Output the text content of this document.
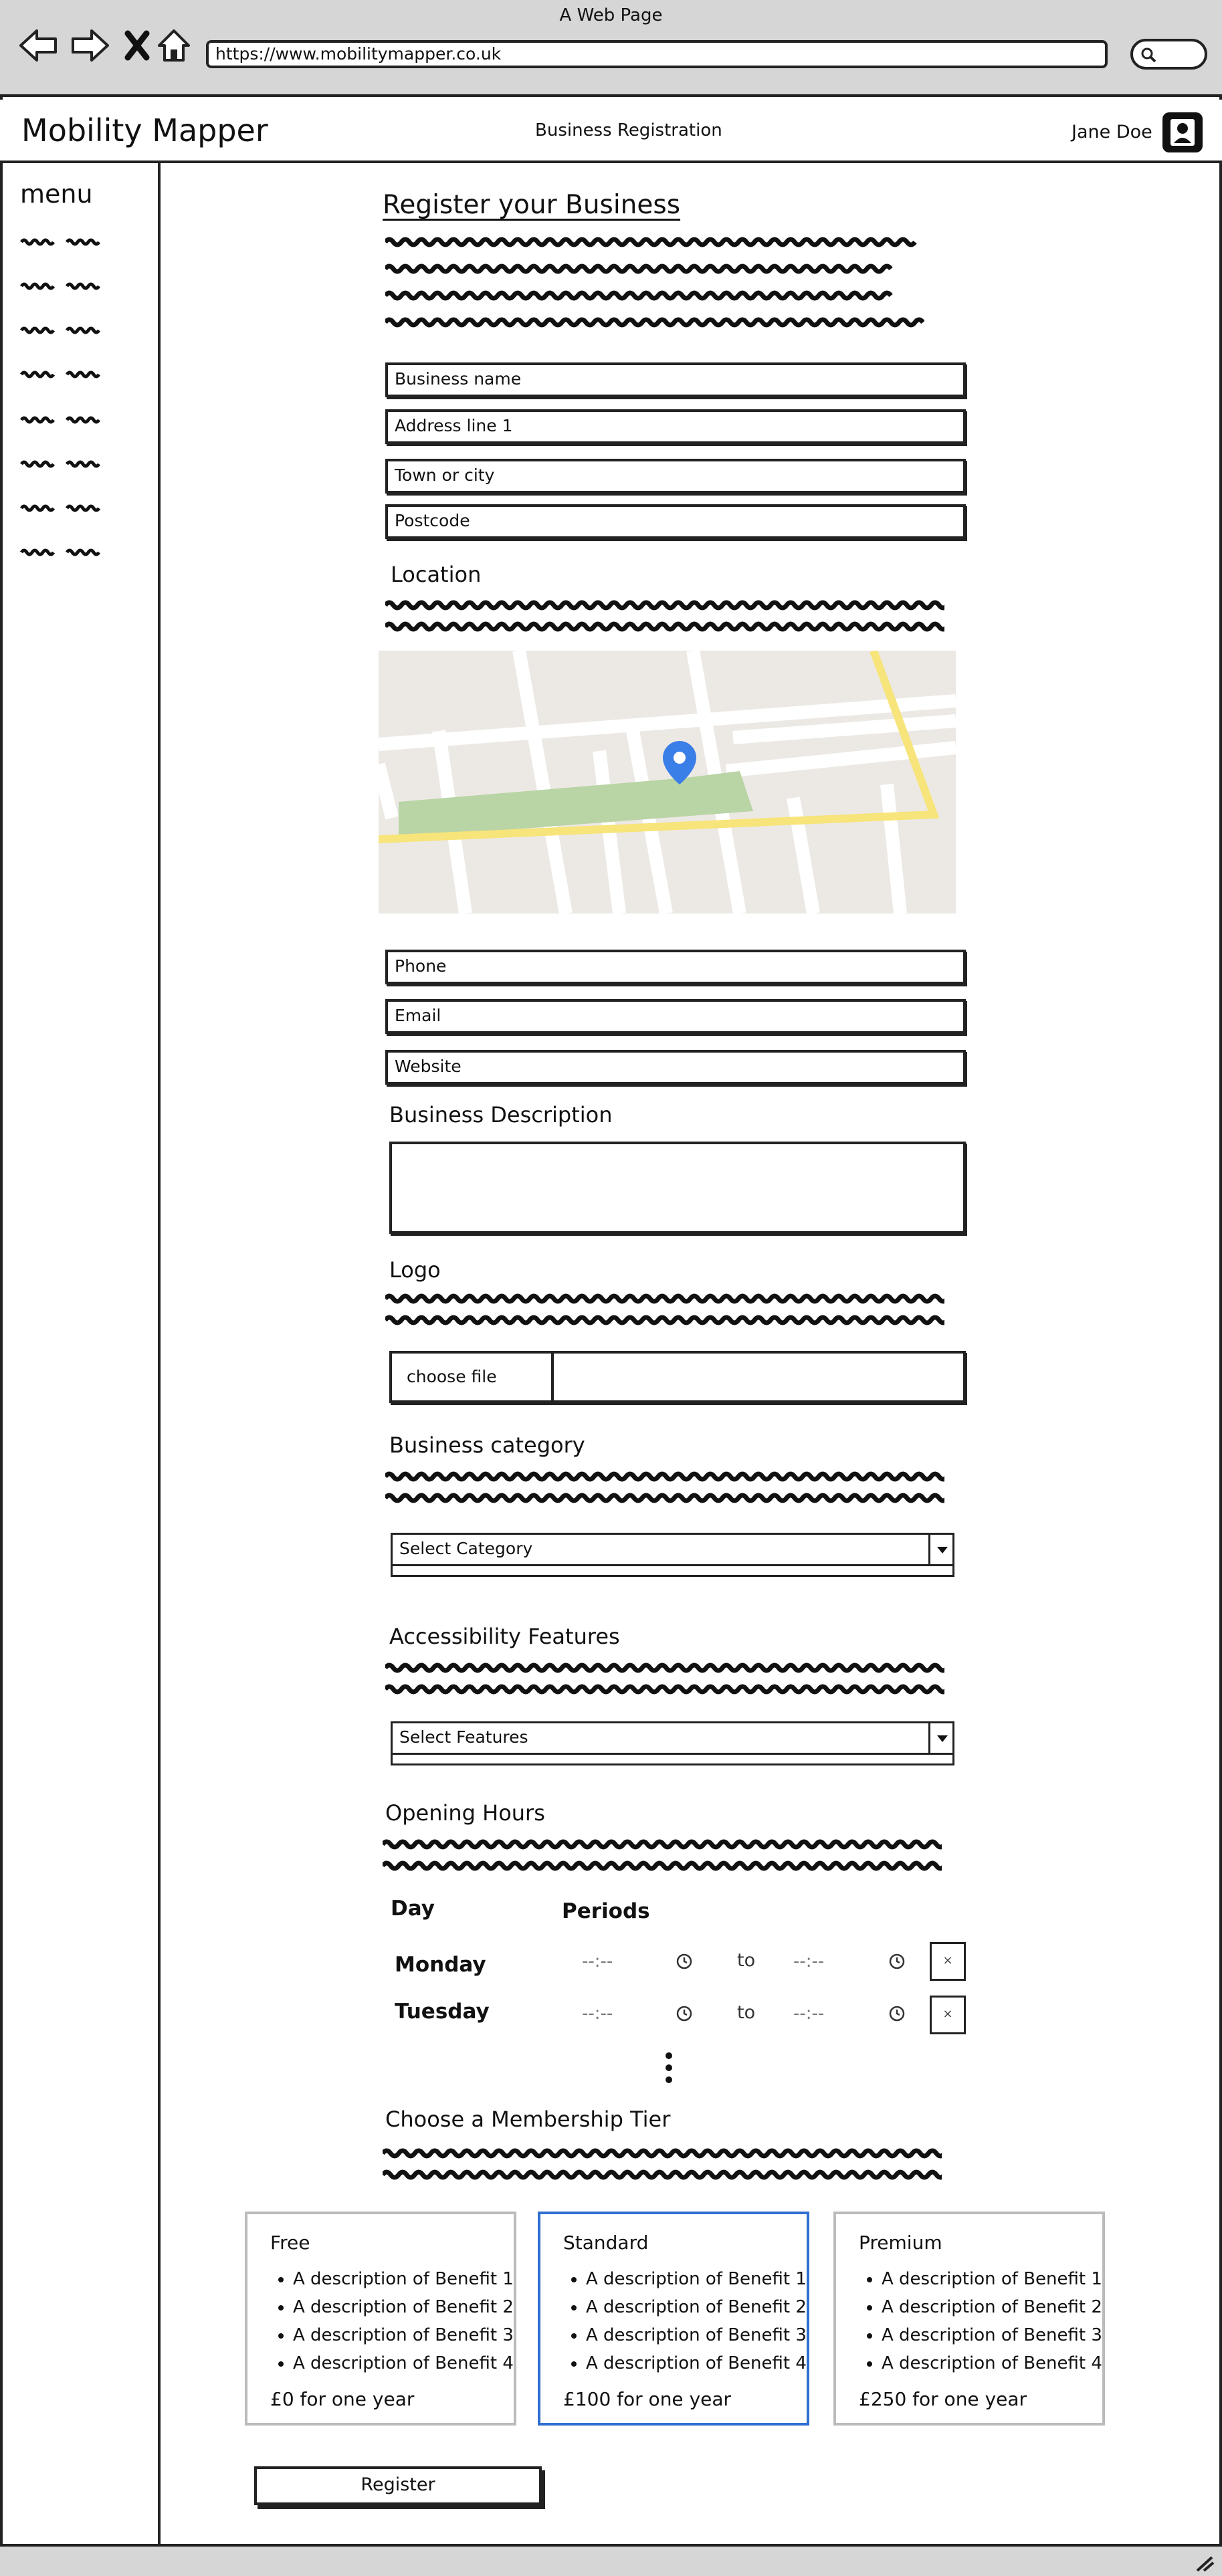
A Web Page
https://www.mobilitymapper.co.uk
Mobility Mapper	Business Registration	Jane Doe
menu	Register your Business
Business name
Address line 1
Town or city
Postcode
Location
Phone
Email
Website
Business Description
Logo
choose file
Business category
Select Category
Accessibility Features
Select Features
Opening Hours
Day	Periods
Monday	--:--	to --:--	×
Tuesday	--:--	to --:--	×
Choose a Membership Tier
Free
• A description of Benefit 1
• A description of Benefit 2
• A description of Benefit 3
• A description of Benefit 4
£0 for one year
Standard
• A description of Benefit 1
• A description of Benefit 2
• A description of Benefit 3
• A description of Benefit 4
£100 for one year
Premium
• A description of Benefit 1
• A description of Benefit 2
• A description of Benefit 3
• A description of Benefit 4
£250 for one year
Register
